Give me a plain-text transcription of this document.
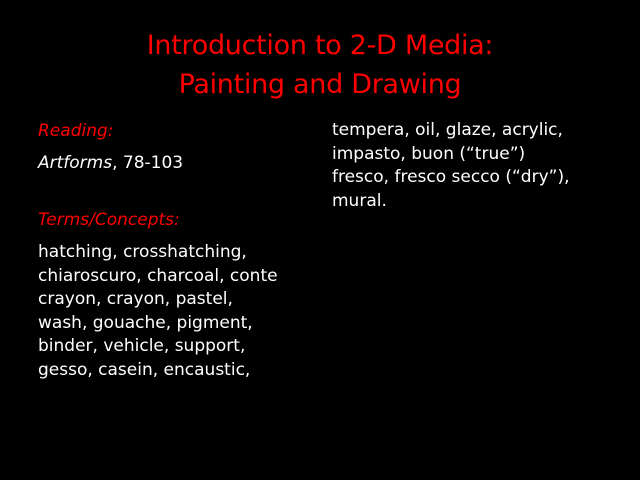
Introduction to 2-D Media:
Painting and Drawing
Reading:
Artforms, 78-103
Terms/Concepts:
hatching, crosshatching,
chiaroscuro, charcoal, conte
crayon, crayon, pastel,
wash, gouache, pigment,
binder, vehicle, support,
gesso, casein, encaustic,
tempera, oil, glaze, acrylic,
impasto, buon (“true”)
fresco, fresco secco (“dry”),
mural.
